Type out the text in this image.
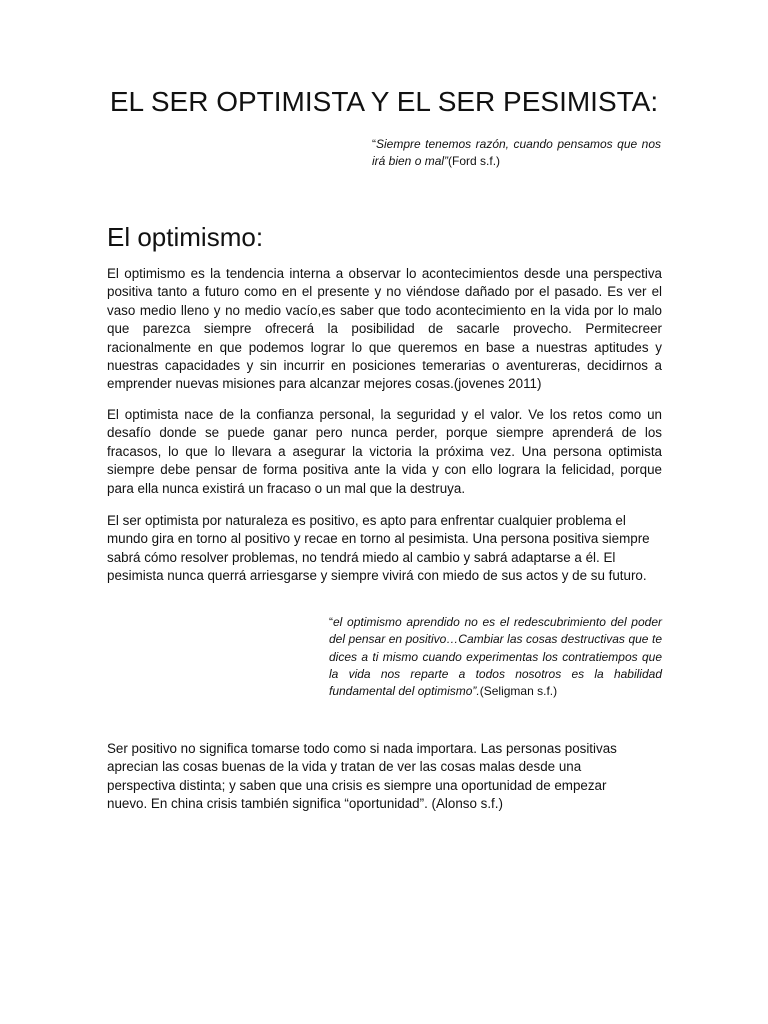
EL SER OPTIMISTA Y EL SER PESIMISTA:

“Siempre tenemos razón, cuando pensamos que nos irá bien o mal”(Ford s.f.)

El optimismo:

El optimismo es la tendencia interna a observar lo acontecimientos desde una perspectiva positiva tanto a futuro como en el presente y no viéndose dañado por el pasado. Es ver el vaso medio lleno y no medio vacío,es saber que todo acontecimiento en la vida por lo malo que parezca siempre ofrecerá la posibilidad de sacarle provecho. Permitecreer racionalmente en que podemos lograr lo que queremos en base a nuestras aptitudes y nuestras capacidades y sin incurrir en posiciones temerarias o aventureras, decidirnos a emprender nuevas misiones para alcanzar mejores cosas.(jovenes 2011)

El optimista nace de la confianza personal, la seguridad y el valor. Ve los retos como un desafío donde se puede ganar pero nunca perder, porque siempre aprenderá de los fracasos, lo que lo llevara a asegurar la victoria la próxima vez. Una persona optimista siempre debe pensar de forma positiva ante la vida y con ello lograra la felicidad, porque para ella nunca existirá un fracaso o un mal que la destruya.

El ser optimista por naturaleza es positivo, es apto para enfrentar cualquier problema el mundo gira en torno al positivo y recae en torno al pesimista. Una persona positiva siempre sabrá cómo resolver problemas, no tendrá miedo al cambio y sabrá adaptarse a él. El pesimista nunca querrá arriesgarse y siempre vivirá con miedo de sus actos y de su futuro.

“el optimismo aprendido no es el redescubrimiento del poder del pensar en positivo…Cambiar las cosas destructivas que te dices a ti mismo cuando experimentas los contratiempos que la vida nos reparte a todos nosotros es la habilidad fundamental del optimismo”.(Seligman s.f.)

Ser positivo no significa tomarse todo como si nada importara. Las personas positivas aprecian las cosas buenas de la vida y tratan de ver las cosas malas desde una perspectiva distinta; y saben que una crisis es siempre una oportunidad de empezar nuevo. En china crisis también significa “oportunidad”. (Alonso s.f.)
